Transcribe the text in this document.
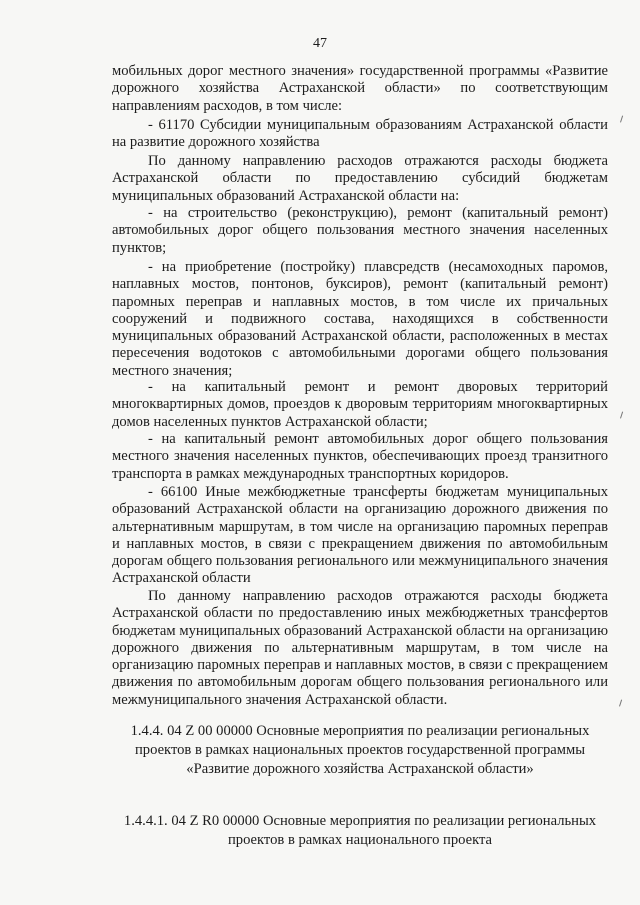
47

мобильных дорог местного значения» государственной программы «Развитие дорожного хозяйства Астраханской области» по соответствующим направлениям расходов, в том числе:

- 61170 Субсидии муниципальным образованиям Астраханской области на развитие дорожного хозяйства

По данному направлению расходов отражаются расходы бюджета Астраханской области по предоставлению субсидий бюджетам муниципальных образований Астраханской области на:

- на строительство (реконструкцию), ремонт (капитальный ремонт) автомобильных дорог общего пользования местного значения населенных пунктов;

- на приобретение (постройку) плавсредств (несамоходных паромов, наплавных мостов, понтонов, буксиров), ремонт (капитальный ремонт) паромных переправ и наплавных мостов, в том числе их причальных сооружений и подвижного состава, находящихся в собственности муниципальных образований Астраханской области, расположенных в местах пересечения водотоков с автомобильными дорогами общего пользования местного значения;

- на капитальный ремонт и ремонт дворовых территорий многоквартирных домов, проездов к дворовым территориям многоквартирных домов населенных пунктов Астраханской области;

- на капитальный ремонт автомобильных дорог общего пользования местного значения населенных пунктов, обеспечивающих проезд транзитного транспорта в рамках международных транспортных коридоров.

- 66100 Иные межбюджетные трансферты бюджетам муниципальных образований Астраханской области на организацию дорожного движения по альтернативным маршрутам, в том числе на организацию паромных переправ и наплавных мостов, в связи с прекращением движения по автомобильным дорогам общего пользования регионального или межмуниципального значения Астраханской области

По данному направлению расходов отражаются расходы бюджета Астраханской области по предоставлению иных межбюджетных трансфертов бюджетам муниципальных образований Астраханской области на организацию дорожного движения по альтернативным маршрутам, в том числе на организацию паромных переправ и наплавных мостов, в связи с прекращением движения по автомобильным дорогам общего пользования регионального или межмуниципального значения Астраханской области.

1.4.4. 04 Z 00 00000 Основные мероприятия по реализации региональных проектов в рамках национальных проектов государственной программы «Развитие дорожного хозяйства Астраханской области»

1.4.4.1. 04 Z R0 00000 Основные мероприятия по реализации региональных проектов в рамках национального проекта
